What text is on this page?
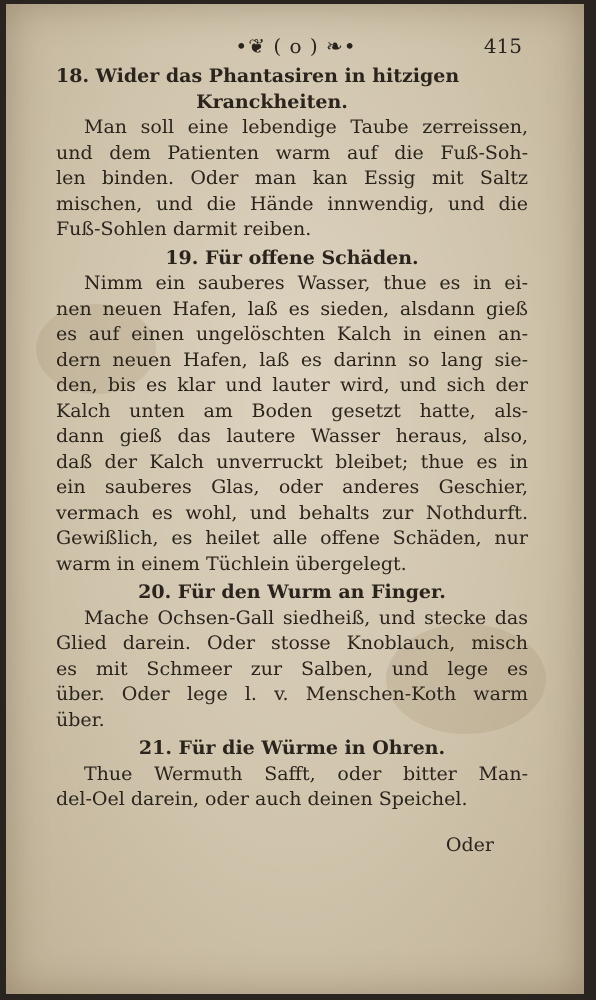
•❦ ( o ) ❧•	415
18. Wider das Phantasiren in hitzigen
Kranckheiten.
Man soll eine lebendige Taube zerreissen,
und dem Patienten warm auf die Fuß-Soh-
len binden. Oder man kan Essig mit Saltz
mischen, und die Hände innwendig, und die
Fuß-Sohlen darmit reiben.
19. Für offene Schäden.
Nimm ein sauberes Wasser, thue es in ei-
nen neuen Hafen, laß es sieden, alsdann gieß
es auf einen ungelöschten Kalch in einen an-
dern neuen Hafen, laß es darinn so lang sie-
den, bis es klar und lauter wird, und sich der
Kalch unten am Boden gesetzt hatte, als-
dann gieß das lautere Wasser heraus, also,
daß der Kalch unverruckt bleibet; thue es in
ein sauberes Glas, oder anderes Geschier,
vermach es wohl, und behalts zur Nothdurft.
Gewißlich, es heilet alle offene Schäden, nur
warm in einem Tüchlein übergelegt.
20. Für den Wurm an Finger.
Mache Ochsen-Gall siedheiß, und stecke das
Glied darein. Oder stosse Knoblauch, misch
es mit Schmeer zur Salben, und lege es
über. Oder lege l. v. Menschen-Koth warm
über.
21. Für die Würme in Ohren.
Thue Wermuth Safft, oder bitter Man-
del-Oel darein, oder auch deinen Speichel.
Oder
